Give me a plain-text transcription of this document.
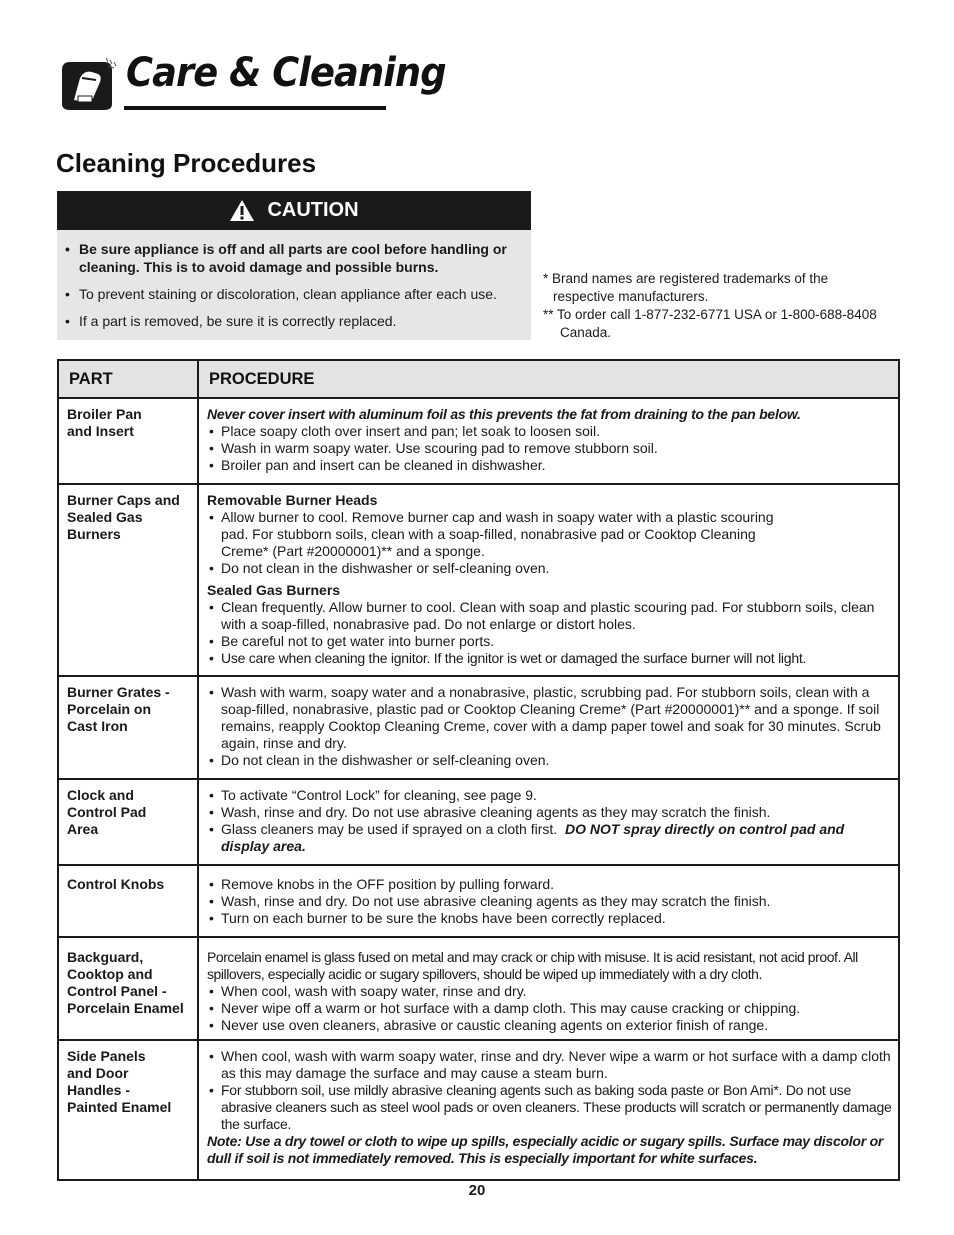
Care & Cleaning
Cleaning Procedures
CAUTION
• Be sure appliance is off and all parts are cool before handling or cleaning. This is to avoid damage and possible burns.
• To prevent staining or discoloration, clean appliance after each use.
• If a part is removed, be sure it is correctly replaced.
* Brand names are registered trademarks of the respective manufacturers.
** To order call 1-877-232-6771 USA or 1-800-688-8408 Canada.
PART	PROCEDURE
Broiler Pan
and Insert

Never cover insert with aluminum foil as this prevents the fat from draining to the pan below.

• Place soapy cloth over insert and pan; let soak to loosen soil.
• Wash in warm soapy water. Use scouring pad to remove stubborn soil.
• Broiler pan and insert can be cleaned in dishwasher.
Burner Caps and
Sealed Gas
Burners

Removable Burner Heads

• Allow burner to cool. Remove burner cap and wash in soapy water with a plastic scouring pad. For stubborn soils, clean with a soap-filled, nonabrasive pad or Cooktop Cleaning Creme* (Part #20000001)** and a sponge.
• Do not clean in the dishwasher or self-cleaning oven.

Sealed Gas Burners

• Clean frequently. Allow burner to cool. Clean with soap and plastic scouring pad. For stubborn soils, clean with a soap-filled, nonabrasive pad. Do not enlarge or distort holes.
• Be careful not to get water into burner ports.
• Use care when cleaning the ignitor. If the ignitor is wet or damaged the surface burner will not light.
Burner Grates -
Porcelain on
Cast Iron
• Wash with warm, soapy water and a nonabrasive, plastic, scrubbing pad. For stubborn soils, clean with a soap-filled, nonabrasive, plastic pad or Cooktop Cleaning Creme* (Part #20000001)** and a sponge. If soil remains, reapply Cooktop Cleaning Creme, cover with a damp paper towel and soak for 30 minutes. Scrub again, rinse and dry.
• Do not clean in the dishwasher or self-cleaning oven.
Clock and
Control Pad
Area
• To activate “Control Lock” for cleaning, see page 9.
• Wash, rinse and dry. Do not use abrasive cleaning agents as they may scratch the finish.
• Glass cleaners may be used if sprayed on a cloth first. DO NOT spray directly on control pad and display area.
Control Knobs
•	Remove knobs in the OFF position by pulling forward.
• Wash, rinse and dry. Do not use abrasive cleaning agents as they may scratch the finish.
• Turn on each burner to be sure the knobs have been correctly replaced.
Backguard,
Cooktop and
Control Panel -
Porcelain Enamel

Porcelain enamel is glass fused on metal and may crack or chip with misuse. It is acid resistant, not acid proof. All spillovers, especially acidic or sugary spillovers, should be wiped up immediately with a dry cloth.

• When cool, wash with soapy water, rinse and dry.
• Never wipe off a warm or hot surface with a damp cloth. This may cause cracking or chipping.
• Never use oven cleaners, abrasive or caustic cleaning agents on exterior finish of range.
Side Panels
and Door
Handles -
Painted Enamel
• When cool, wash with warm soapy water, rinse and dry. Never wipe a warm or hot surface with a damp cloth as this may damage the surface and may cause a steam burn.
• For stubborn soil, use mildly abrasive cleaning agents such as baking soda paste or Bon Ami*. Do not use abrasive cleaners such as steel wool pads or oven cleaners. These products will scratch or permanently damage the surface.

Note: Use a dry towel or cloth to wipe up spills, especially acidic or sugary spills. Surface may discolor or dull if soil is not immediately removed. This is especially important for white surfaces.

20
